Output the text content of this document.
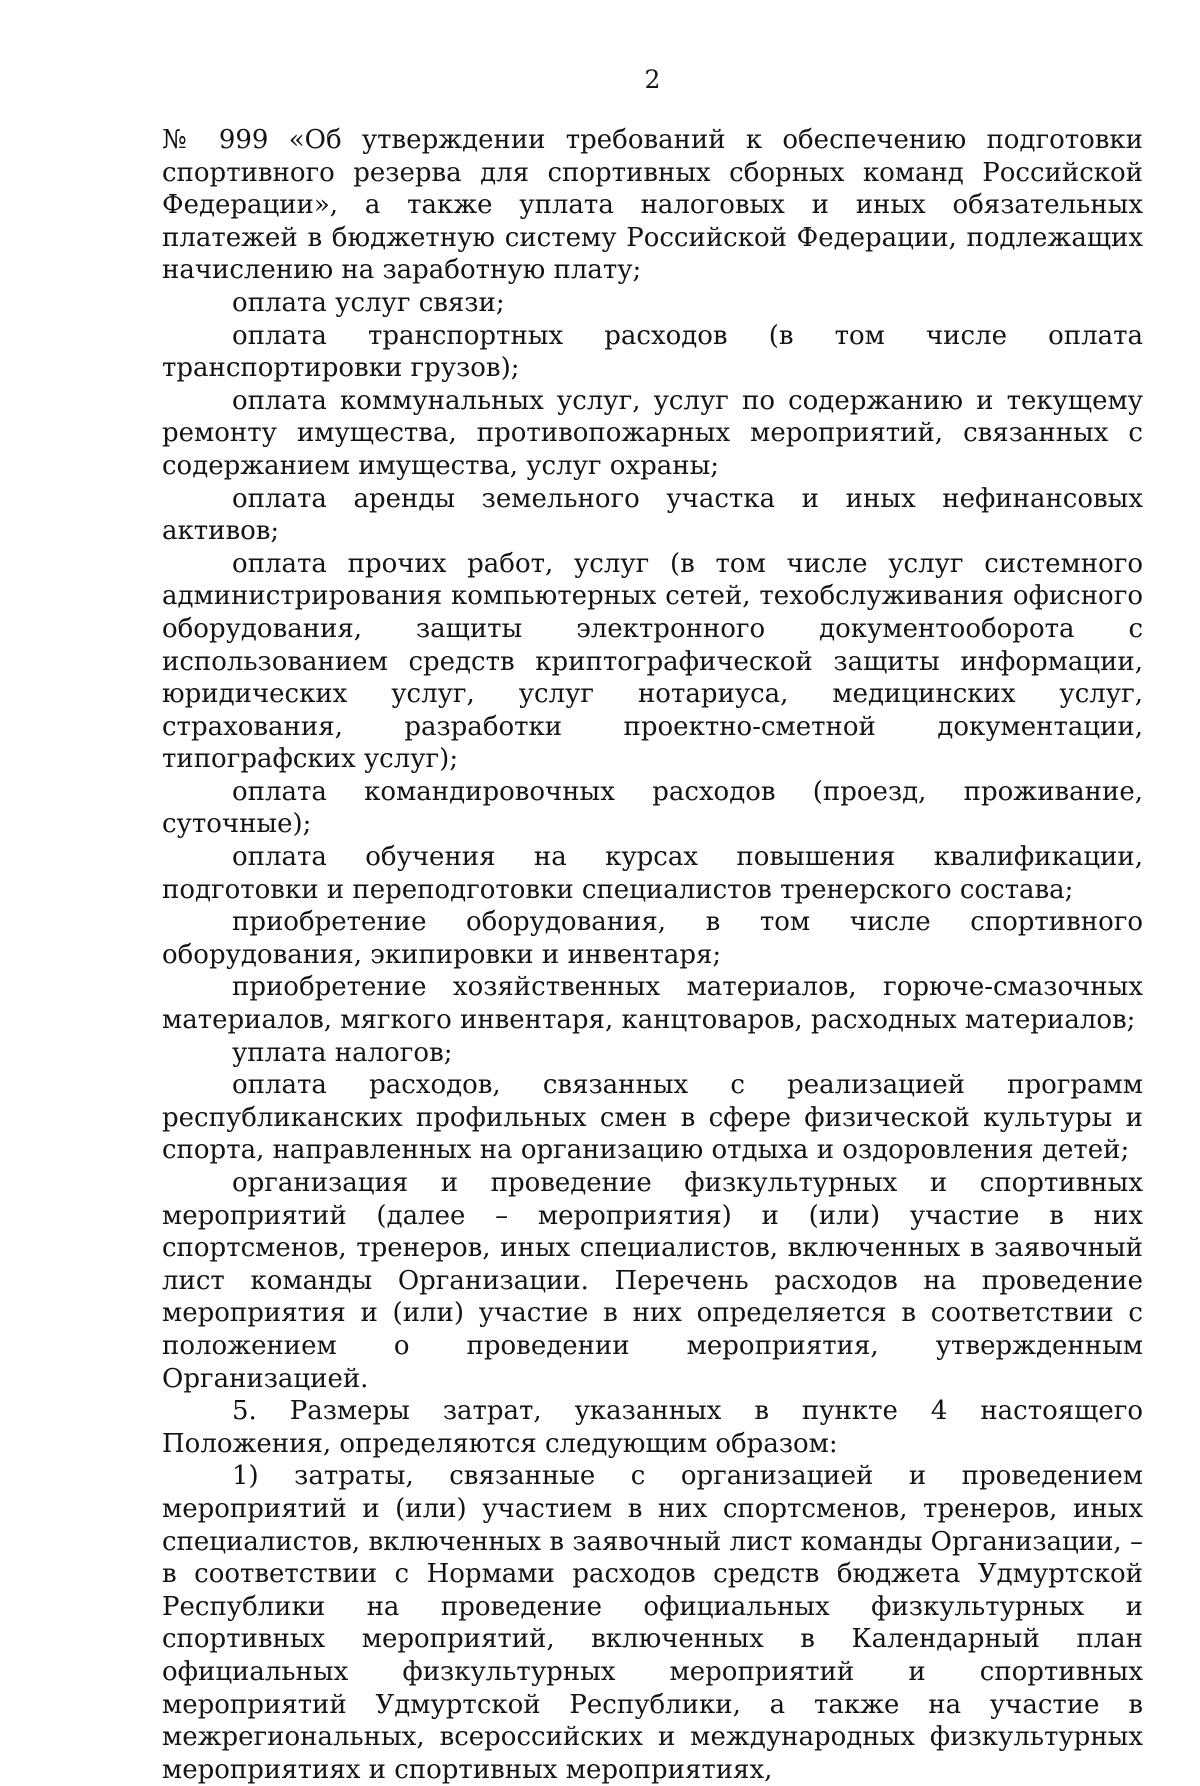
2

№ 999 «Об утверждении требований к обеспечению подготовки спортивного резерва для спортивных сборных команд Российской Федерации», а также уплата налоговых и иных обязательных платежей в бюджетную систему Российской Федерации, подлежащих начислению на заработную плату;

оплата услуг связи;

оплата транспортных расходов (в том числе оплата транспортировки грузов);

оплата коммунальных услуг, услуг по содержанию и текущему ремонту имущества, противопожарных мероприятий, связанных с содержанием имущества, услуг охраны;

оплата аренды земельного участка и иных нефинансовых активов;

оплата прочих работ, услуг (в том числе услуг системного администрирования компьютерных сетей, техобслуживания офисного оборудования, защиты электронного документооборота с использованием средств криптографической защиты информации, юридических услуг, услуг нотариуса, медицинских услуг, страхования, разработки проектно-сметной документации, типографских услуг);

оплата командировочных расходов (проезд, проживание, суточные);

оплата обучения на курсах повышения квалификации, подготовки и переподготовки специалистов тренерского состава;

приобретение оборудования, в том числе спортивного оборудования, экипировки и инвентаря;

приобретение хозяйственных материалов, горюче-смазочных материалов, мягкого инвентаря, канцтоваров, расходных материалов;

уплата налогов;

оплата расходов, связанных с реализацией программ республиканских профильных смен в сфере физической культуры и спорта, направленных на организацию отдыха и оздоровления детей;

организация и проведение физкультурных и спортивных мероприятий (далее – мероприятия) и (или) участие в них спортсменов, тренеров, иных специалистов, включенных в заявочный лист команды Организации. Перечень расходов на проведение мероприятия и (или) участие в них определяется в соответствии с положением о проведении мероприятия, утвержденным Организацией.

5. Размеры затрат, указанных в пункте 4 настоящего Положения, определяются следующим образом:

1) затраты, связанные с организацией и проведением мероприятий и (или) участием в них спортсменов, тренеров, иных специалистов, включенных в заявочный лист команды Организации, – в соответствии с Нормами расходов средств бюджета Удмуртской Республики на проведение официальных физкультурных и спортивных мероприятий, включенных в Календарный план официальных физкультурных мероприятий и спортивных мероприятий Удмуртской Республики, а также на участие в межрегиональных, всероссийских и международных физкультурных мероприятиях и спортивных мероприятиях,
